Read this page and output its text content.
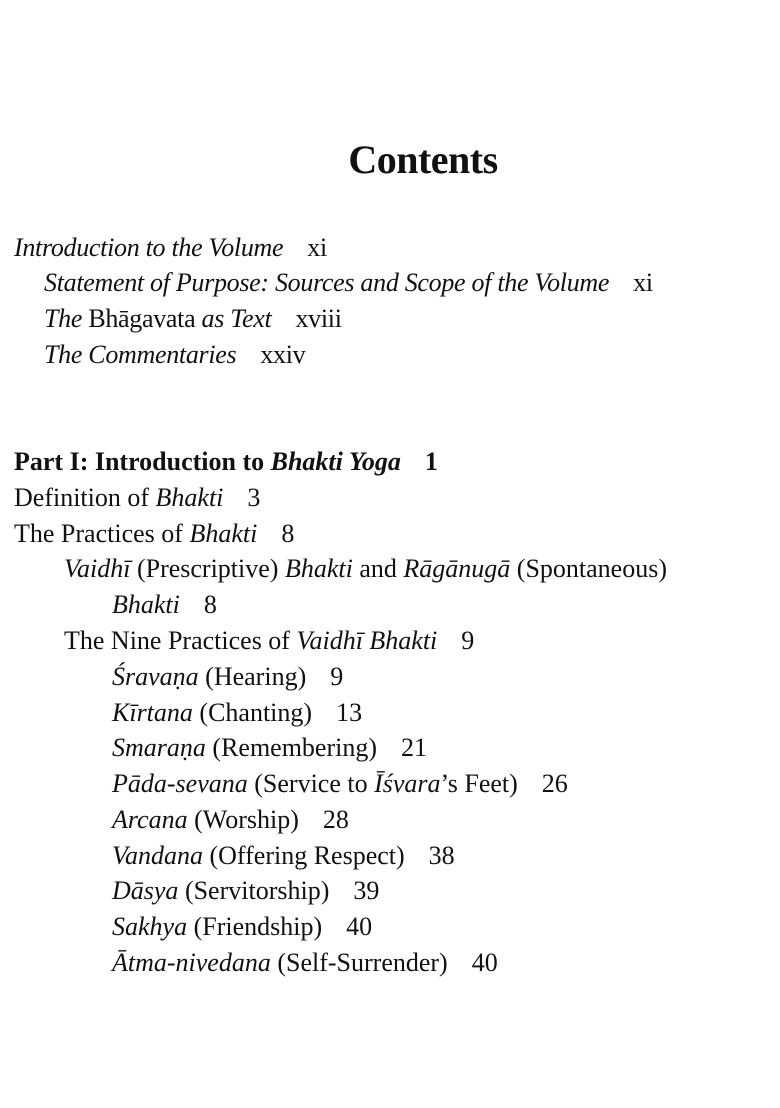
Contents
Introduction to the Volume xi
Statement of Purpose: Sources and Scope of the Volume xi
The Bhāgavata as Text xviii
The Commentaries xxiv
Part I: Introduction to Bhakti Yoga 1
Definition of Bhakti 3
The Practices of Bhakti 8
Vaidhī (Prescriptive) Bhakti and Rāgānugā (Spontaneous)
Bhakti 8
The Nine Practices of Vaidhī Bhakti 9
Śravaṇa (Hearing) 9
Kīrtana (Chanting) 13
Smaraṇa (Remembering) 21
Pāda-sevana (Service to Īśvara’s Feet) 26
Arcana (Worship) 28
Vandana (Offering Respect) 38
Dāsya (Servitorship) 39
Sakhya (Friendship) 40
Ātma-nivedana (Self-Surrender) 40
